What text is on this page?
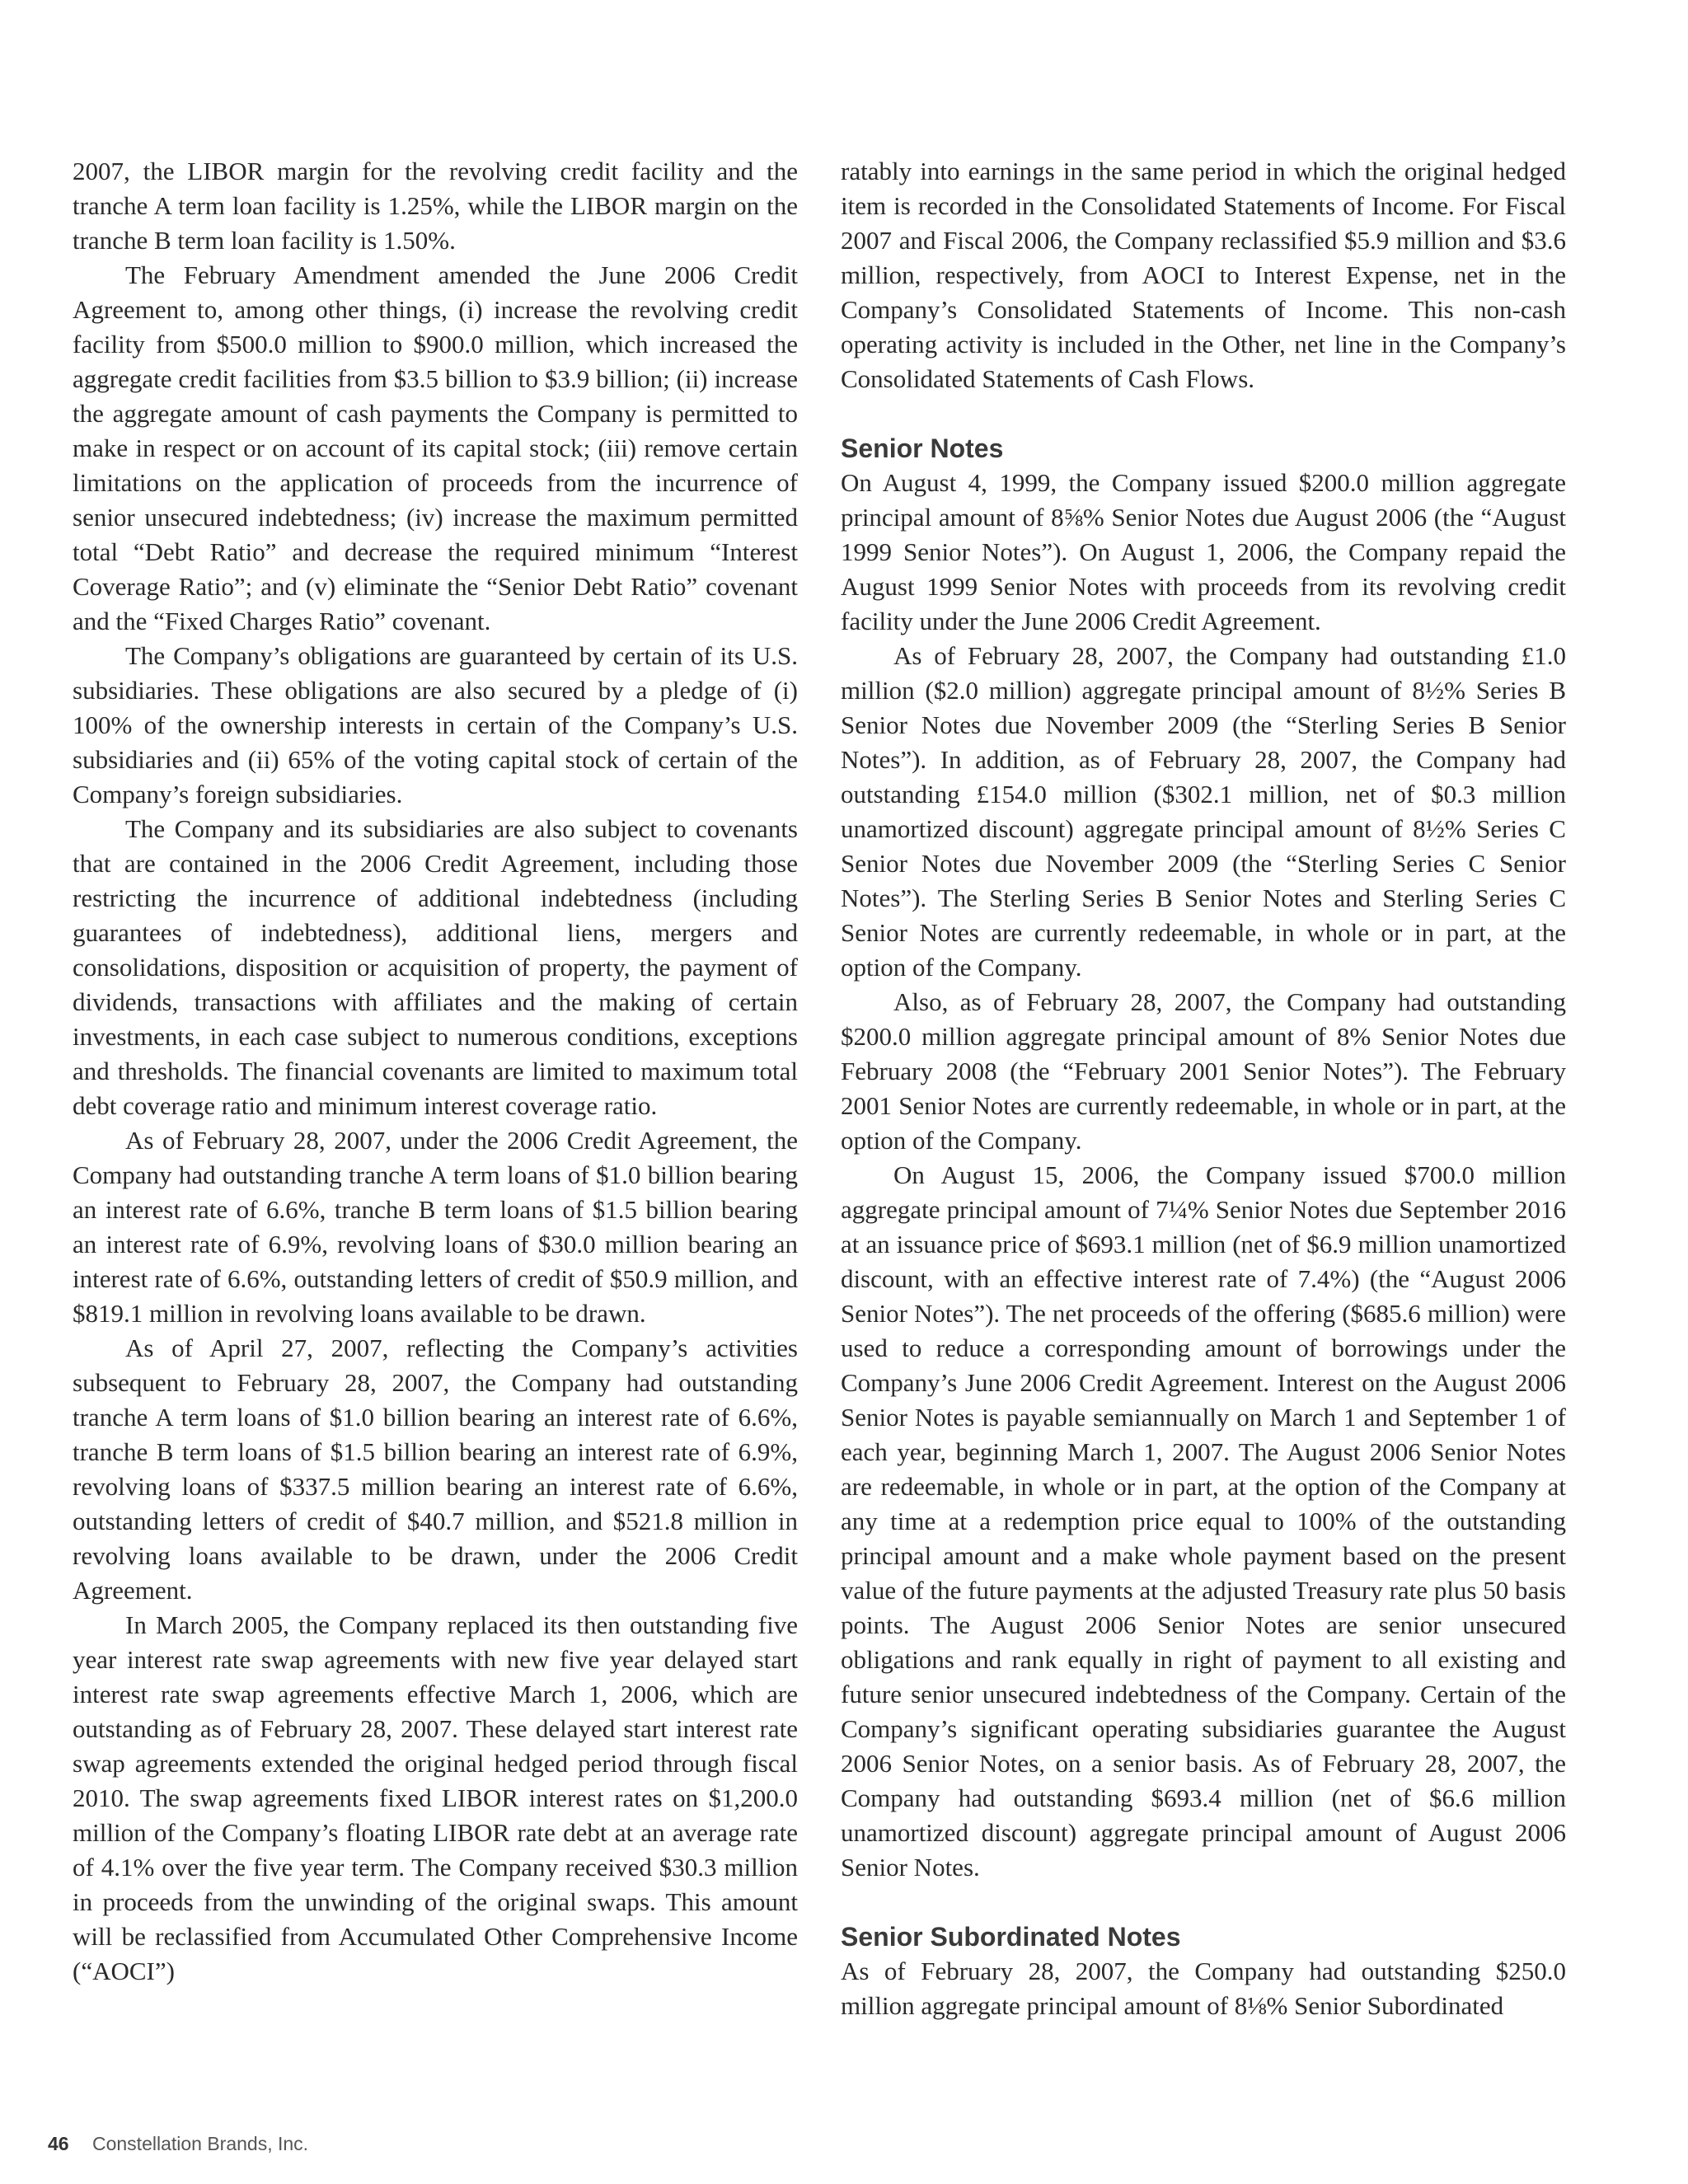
2007, the LIBOR margin for the revolving credit facility and the tranche A term loan facility is 1.25%, while the LIBOR margin on the tranche B term loan facility is 1.50%.

The February Amendment amended the June 2006 Credit Agreement to, among other things, (i) increase the revolving credit facility from $500.0 million to $900.0 million, which increased the aggregate credit facilities from $3.5 billion to $3.9 billion; (ii) increase the aggregate amount of cash payments the Company is permitted to make in respect or on account of its capital stock; (iii) remove certain limitations on the application of proceeds from the incurrence of senior unsecured indebtedness; (iv) increase the maximum permitted total “Debt Ratio” and decrease the required minimum “Interest Coverage Ratio”; and (v) eliminate the “Senior Debt Ratio” covenant and the “Fixed Charges Ratio” covenant.

The Company’s obligations are guaranteed by certain of its U.S. subsidiaries. These obligations are also secured by a pledge of (i) 100% of the ownership interests in certain of the Company’s U.S. subsidiaries and (ii) 65% of the voting capital stock of certain of the Company’s foreign subsidiaries.

The Company and its subsidiaries are also subject to covenants that are contained in the 2006 Credit Agreement, including those restricting the incurrence of additional indebtedness (including guarantees of indebtedness), additional liens, mergers and consolidations, disposition or acquisition of property, the payment of dividends, transactions with affiliates and the making of certain investments, in each case subject to numerous conditions, exceptions and thresholds. The financial covenants are limited to maximum total debt coverage ratio and minimum interest coverage ratio.

As of February 28, 2007, under the 2006 Credit Agreement, the Company had outstanding tranche A term loans of $1.0 billion bearing an interest rate of 6.6%, tranche B term loans of $1.5 billion bearing an interest rate of 6.9%, revolving loans of $30.0 million bearing an interest rate of 6.6%, outstanding letters of credit of $50.9 million, and $819.1 million in revolving loans available to be drawn.

As of April 27, 2007, reflecting the Company’s activities subsequent to February 28, 2007, the Company had outstanding tranche A term loans of $1.0 billion bearing an interest rate of 6.6%, tranche B term loans of $1.5 billion bearing an interest rate of 6.9%, revolving loans of $337.5 million bearing an interest rate of 6.6%, outstanding letters of credit of $40.7 million, and $521.8 million in revolving loans available to be drawn, under the 2006 Credit Agreement.

In March 2005, the Company replaced its then outstanding five year interest rate swap agreements with new five year delayed start interest rate swap agreements effective March 1, 2006, which are outstanding as of February 28, 2007. These delayed start interest rate swap agreements extended the original hedged period through fiscal 2010. The swap agreements fixed LIBOR interest rates on $1,200.0 million of the Company’s floating LIBOR rate debt at an average rate of 4.1% over the five year term. The Company received $30.3 million in proceeds from the unwinding of the original swaps. This amount will be reclassified from Accumulated Other Comprehensive Income (“AOCI”)

ratably into earnings in the same period in which the original hedged item is recorded in the Consolidated Statements of Income. For Fiscal 2007 and Fiscal 2006, the Company reclassified $5.9 million and $3.6 million, respectively, from AOCI to Interest Expense, net in the Company’s Consolidated Statements of Income. This non-cash operating activity is included in the Other, net line in the Company’s Consolidated Statements of Cash Flows.

Senior Notes

On August 4, 1999, the Company issued $200.0 million aggregate principal amount of 8⅝% Senior Notes due August 2006 (the “August 1999 Senior Notes”). On August 1, 2006, the Company repaid the August 1999 Senior Notes with proceeds from its revolving credit facility under the June 2006 Credit Agreement.

As of February 28, 2007, the Company had outstanding £1.0 million ($2.0 million) aggregate principal amount of 8½% Series B Senior Notes due November 2009 (the “Sterling Series B Senior Notes”). In addition, as of February 28, 2007, the Company had outstanding £154.0 million ($302.1 million, net of $0.3 million unamortized discount) aggregate principal amount of 8½% Series C Senior Notes due November 2009 (the “Sterling Series C Senior Notes”). The Sterling Series B Senior Notes and Sterling Series C Senior Notes are currently redeemable, in whole or in part, at the option of the Company.

Also, as of February 28, 2007, the Company had outstanding $200.0 million aggregate principal amount of 8% Senior Notes due February 2008 (the “February 2001 Senior Notes”). The February 2001 Senior Notes are currently redeemable, in whole or in part, at the option of the Company.

On August 15, 2006, the Company issued $700.0 million aggregate principal amount of 7¼% Senior Notes due September 2016 at an issuance price of $693.1 million (net of $6.9 million unamortized discount, with an effective interest rate of 7.4%) (the “August 2006 Senior Notes”). The net proceeds of the offering ($685.6 million) were used to reduce a corresponding amount of borrowings under the Company’s June 2006 Credit Agreement. Interest on the August 2006 Senior Notes is payable semiannually on March 1 and September 1 of each year, beginning March 1, 2007. The August 2006 Senior Notes are redeemable, in whole or in part, at the option of the Company at any time at a redemption price equal to 100% of the outstanding principal amount and a make whole payment based on the present value of the future payments at the adjusted Treasury rate plus 50 basis points. The August 2006 Senior Notes are senior unsecured obligations and rank equally in right of payment to all existing and future senior unsecured indebtedness of the Company. Certain of the Company’s significant operating subsidiaries guarantee the August 2006 Senior Notes, on a senior basis. As of February 28, 2007, the Company had outstanding $693.4 million (net of $6.6 million unamortized discount) aggregate principal amount of August 2006 Senior Notes.

Senior Subordinated Notes

As of February 28, 2007, the Company had outstanding $250.0 million aggregate principal amount of 8⅛% Senior Subordinated

46 Constellation Brands, Inc.
